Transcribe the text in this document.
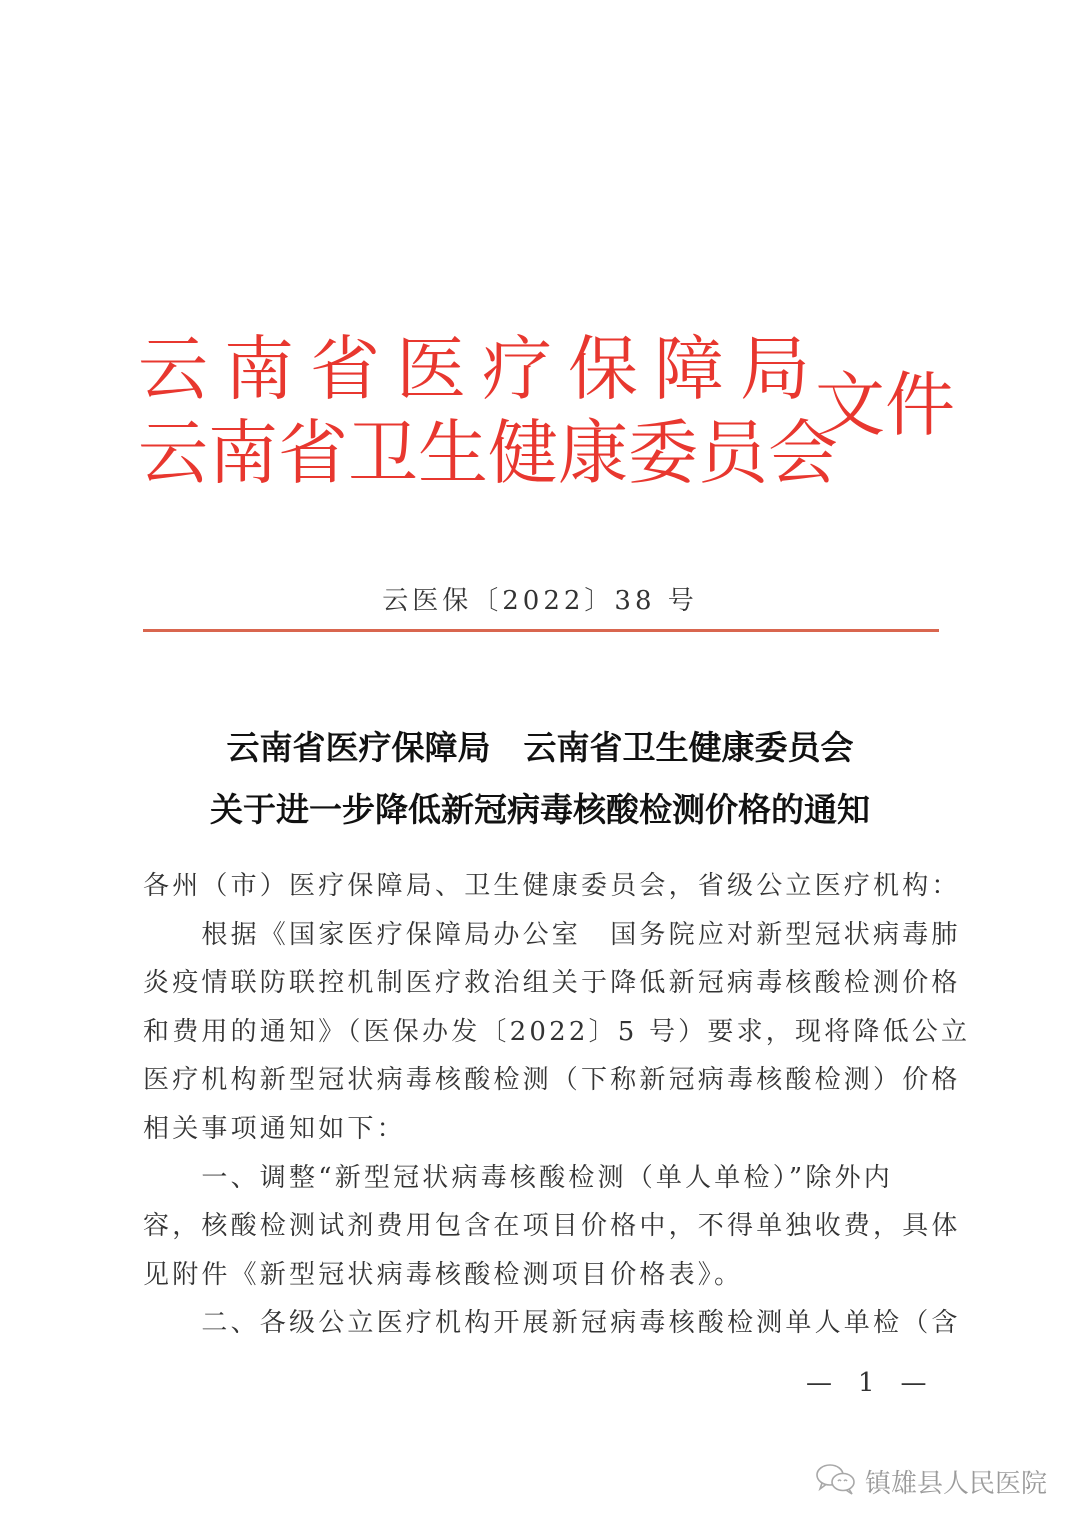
云南省医疗保障局
云南省卫生健康委员会
文件
云医保〔2022〕38 号
云南省医疗保障局　云南省卫生健康委员会
关于进一步降低新冠病毒核酸检测价格的通知
各州（市）医疗保障局、卫生健康委员会，省级公立医疗机构：
　　根据《国家医疗保障局办公室　国务院应对新型冠状病毒肺
炎疫情联防联控机制医疗救治组关于降低新冠病毒核酸检测价格
和费用的通知》（医保办发〔2022〕5 号）要求，现将降低公立
医疗机构新型冠状病毒核酸检测（下称新冠病毒核酸检测）价格
相关事项通知如下：
　　一、调整“新型冠状病毒核酸检测（单人单检）”除外内
容，核酸检测试剂费用包含在项目价格中，不得单独收费，具体
见附件《新型冠状病毒核酸检测项目价格表》。
　　二、各级公立医疗机构开展新冠病毒核酸检测单人单检（含
—　1　—
镇雄县人民医院
